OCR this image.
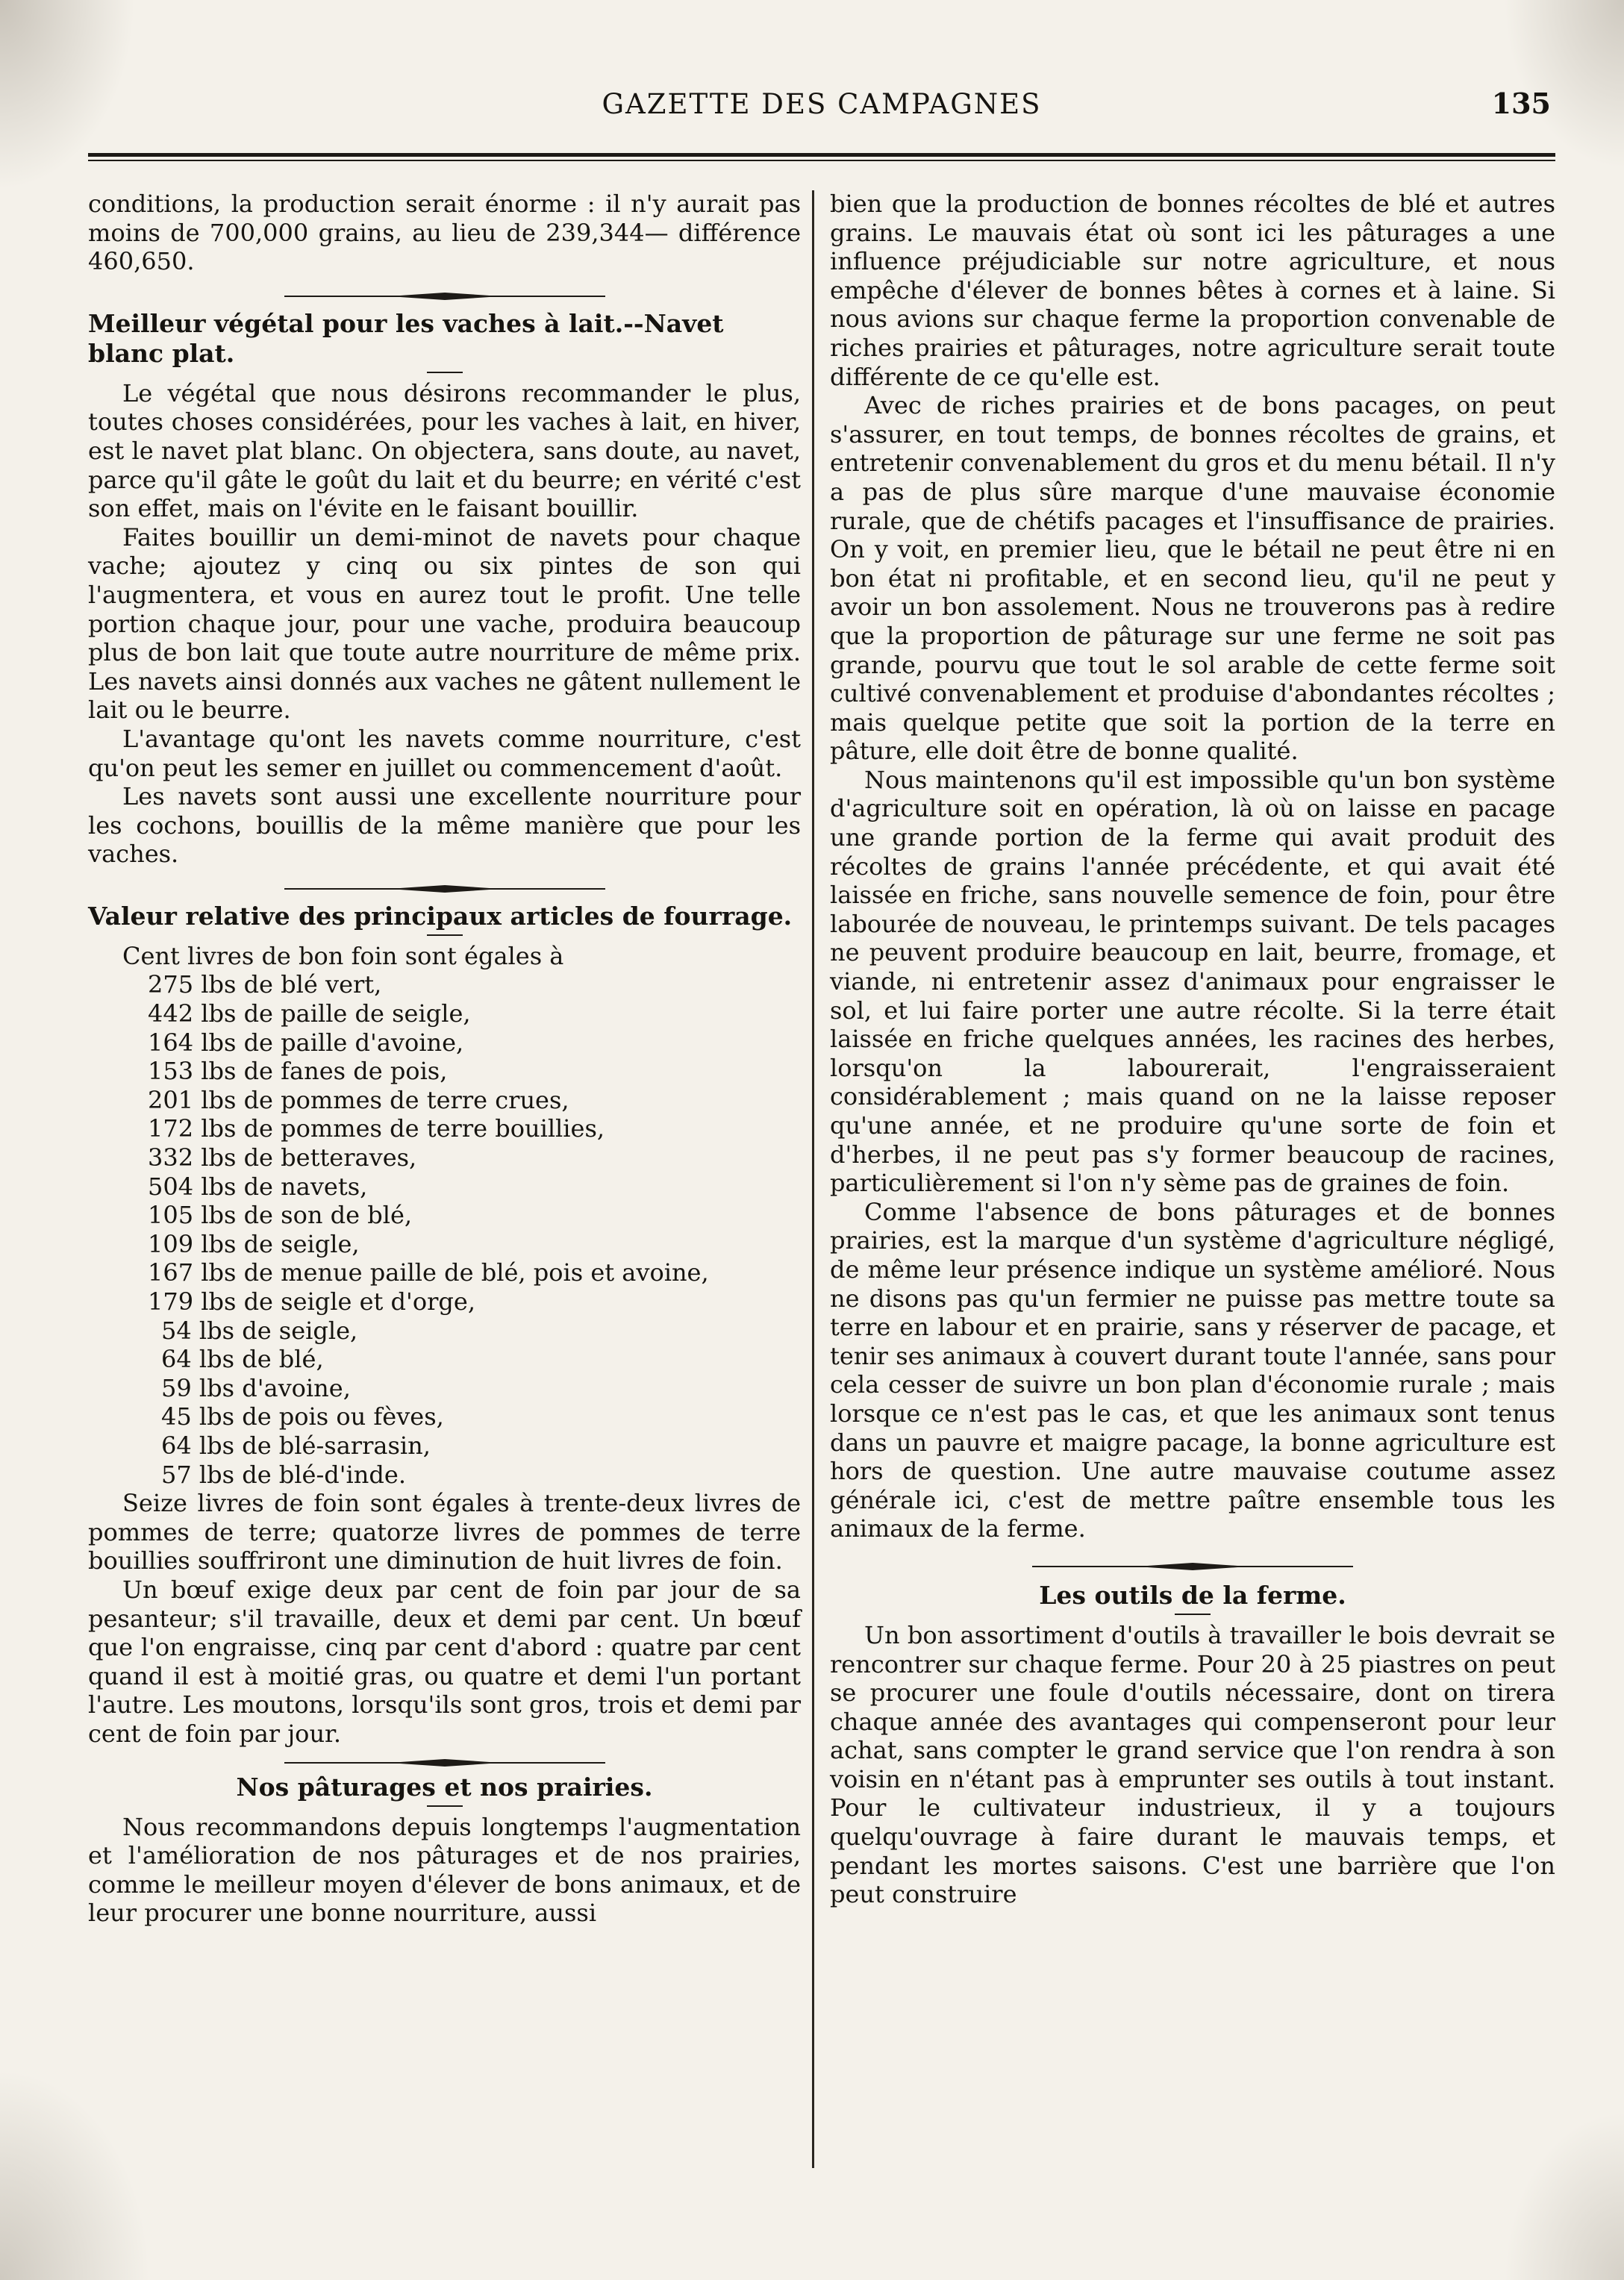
GAZETTE DES CAMPAGNES	135

conditions, la production serait énorme : il n'y aurait pas moins de 700,000 grains, au lieu de 239,344— différence 460,650.

Meilleur végétal pour les vaches à lait.--Navet blanc plat.

Le végétal que nous désirons recommander le plus, toutes choses considérées, pour les vaches à lait, en hiver, est le navet plat blanc. On objectera, sans doute, au navet, parce qu'il gâte le goût du lait et du beurre; en vérité c'est son effet, mais on l'évite en le faisant bouillir.

Faites bouillir un demi-minot de navets pour chaque vache; ajoutez y cinq ou six pintes de son qui l'augmentera, et vous en aurez tout le profit. Une telle portion chaque jour, pour une vache, produira beaucoup plus de bon lait que toute autre nourriture de même prix. Les navets ainsi donnés aux vaches ne gâtent nullement le lait ou le beurre.

L'avantage qu'ont les navets comme nourriture, c'est qu'on peut les semer en juillet ou commencement d'août.

Les navets sont aussi une excellente nourriture pour les cochons, bouillis de la même manière que pour les vaches.

Valeur relative des principaux articles de fourrage.

Cent livres de bon foin sont égales à

275 lbs de blé vert,
442 lbs de paille de seigle,
164 lbs de paille d'avoine,
153 lbs de fanes de pois,
201 lbs de pommes de terre crues,
172 lbs de pommes de terre bouillies,
332 lbs de betteraves,
504 lbs de navets,
105 lbs de son de blé,
109 lbs de seigle,
167 lbs de menue paille de blé, pois et avoine,
179 lbs de seigle et d'orge,
54 lbs de seigle,
64 lbs de blé,
59 lbs d'avoine,
45 lbs de pois ou fèves,
64 lbs de blé-sarrasin,
57 lbs de blé-d'inde.

Seize livres de foin sont égales à trente-deux livres de pommes de terre; quatorze livres de pommes de terre bouillies souffriront une diminution de huit livres de foin.

Un bœuf exige deux par cent de foin par jour de sa pesanteur; s'il travaille, deux et demi par cent. Un bœuf que l'on engraisse, cinq par cent d'abord : quatre par cent quand il est à moitié gras, ou quatre et demi l'un portant l'autre. Les moutons, lorsqu'ils sont gros, trois et demi par cent de foin par jour.

Nos pâturages et nos prairies.

Nous recommandons depuis longtemps l'augmentation et l'amélioration de nos pâturages et de nos prairies, comme le meilleur moyen d'élever de bons animaux, et de leur procurer une bonne nourriture, aussi

bien que la production de bonnes récoltes de blé et autres grains. Le mauvais état où sont ici les pâturages a une influence préjudiciable sur notre agriculture, et nous empêche d'élever de bonnes bêtes à cornes et à laine. Si nous avions sur chaque ferme la proportion convenable de riches prairies et pâturages, notre agriculture serait toute différente de ce qu'elle est.

Avec de riches prairies et de bons pacages, on peut s'assurer, en tout temps, de bonnes récoltes de grains, et entretenir convenablement du gros et du menu bétail. Il n'y a pas de plus sûre marque d'une mauvaise économie rurale, que de chétifs pacages et l'insuffisance de prairies. On y voit, en premier lieu, que le bétail ne peut être ni en bon état ni profitable, et en second lieu, qu'il ne peut y avoir un bon assolement. Nous ne trouverons pas à redire que la proportion de pâturage sur une ferme ne soit pas grande, pourvu que tout le sol arable de cette ferme soit cultivé convenablement et produise d'abondantes récoltes ; mais quelque petite que soit la portion de la terre en pâture, elle doit être de bonne qualité.

Nous maintenons qu'il est impossible qu'un bon système d'agriculture soit en opération, là où on laisse en pacage une grande portion de la ferme qui avait produit des récoltes de grains l'année précédente, et qui avait été laissée en friche, sans nouvelle semence de foin, pour être labourée de nouveau, le printemps suivant. De tels pacages ne peuvent produire beaucoup en lait, beurre, fromage, et viande, ni entretenir assez d'animaux pour engraisser le sol, et lui faire porter une autre récolte. Si la terre était laissée en friche quelques années, les racines des herbes, lorsqu'on la labourerait, l'engraisseraient considérablement ; mais quand on ne la laisse reposer qu'une année, et ne produire qu'une sorte de foin et d'herbes, il ne peut pas s'y former beaucoup de racines, particulièrement si l'on n'y sème pas de graines de foin.

Comme l'absence de bons pâturages et de bonnes prairies, est la marque d'un système d'agriculture négligé, de même leur présence indique un système amélioré. Nous ne disons pas qu'un fermier ne puisse pas mettre toute sa terre en labour et en prairie, sans y réserver de pacage, et tenir ses animaux à couvert durant toute l'année, sans pour cela cesser de suivre un bon plan d'économie rurale ; mais lorsque ce n'est pas le cas, et que les animaux sont tenus dans un pauvre et maigre pacage, la bonne agriculture est hors de question. Une autre mauvaise coutume assez générale ici, c'est de mettre paître ensemble tous les animaux de la ferme.

Les outils de la ferme.

Un bon assortiment d'outils à travailler le bois devrait se rencontrer sur chaque ferme. Pour 20 à 25 piastres on peut se procurer une foule d'outils nécessaire, dont on tirera chaque année des avantages qui compenseront pour leur achat, sans compter le grand service que l'on rendra à son voisin en n'étant pas à emprunter ses outils à tout instant. Pour le cultivateur industrieux, il y a toujours quelqu'ouvrage à faire durant le mauvais temps, et pendant les mortes saisons. C'est une barrière que l'on peut construire
